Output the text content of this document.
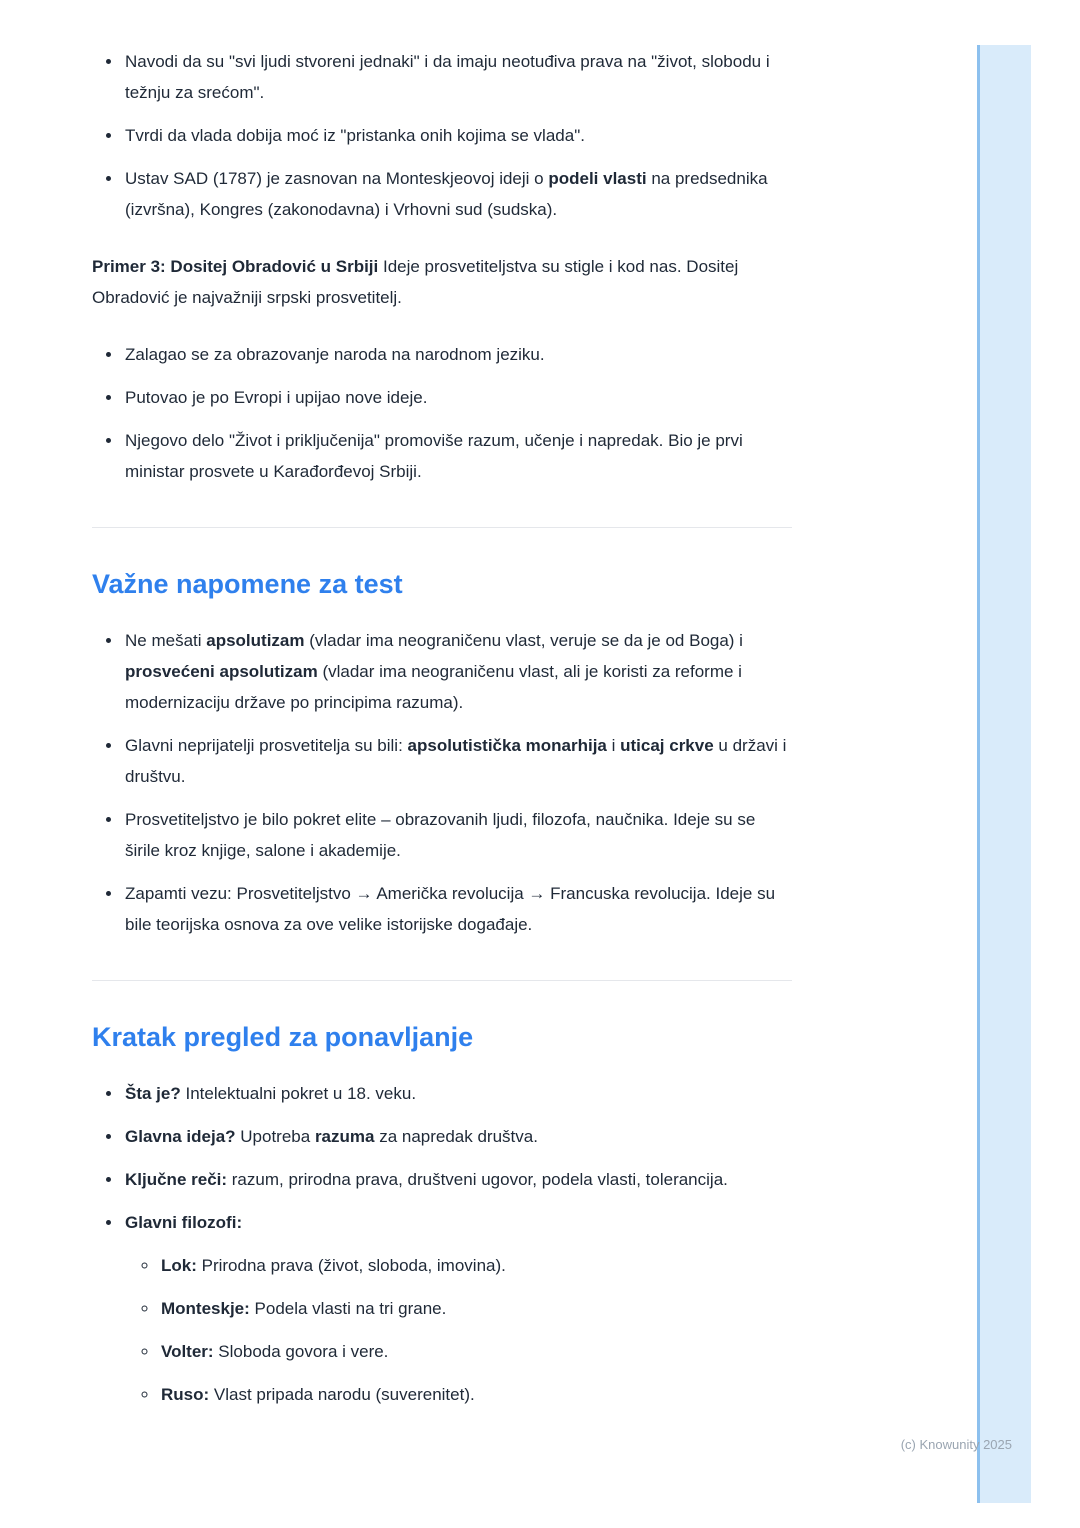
• Navodi da su "svi ljudi stvoreni jednaki" i da imaju neotuđiva prava na "život, slobodu i težnju za srećom".
• Tvrdi da vlada dobija moć iz "pristanka onih kojima se vlada".
• Ustav SAD (1787) je zasnovan na Monteskjeovoj ideji o podeli vlasti na predsednika (izvršna), Kongres (zakonodavna) i Vrhovni sud (sudska).

Primer 3: Dositej Obradović u Srbiji Ideje prosvetiteljstva su stigle i kod nas. Dositej Obradović je najvažniji srpski prosvetitelj.

• Zalagao se za obrazovanje naroda na narodnom jeziku.
• Putovao je po Evropi i upijao nove ideje.
• Njegovo delo "Život i priključenija" promoviše razum, učenje i napredak. Bio je prvi ministar prosvete u Karađorđevoj Srbiji.
Važne napomene za test
• Ne mešati apsolutizam (vladar ima neograničenu vlast, veruje se da je od Boga) i prosvećeni apsolutizam (vladar ima neograničenu vlast, ali je koristi za reforme i modernizaciju države po principima razuma).
• Glavni neprijatelji prosvetitelja su bili: apsolutistička monarhija i uticaj crkve u državi i društvu.
• Prosvetiteljstvo je bilo pokret elite – obrazovanih ljudi, filozofa, naučnika. Ideje su se širile kroz knjige, salone i akademije.
• Zapamti vezu: Prosvetiteljstvo → Američka revolucija → Francuska revolucija. Ideje su bile teorijska osnova za ove velike istorijske događaje.
Kratak pregled za ponavljanje
• Šta je? Intelektualni pokret u 18. veku.
• Glavna ideja? Upotreba razuma za napredak društva.
• Ključne reči: razum, prirodna prava, društveni ugovor, podela vlasti, tolerancija.
• Glavni filozofi:
◦ Lok: Prirodna prava (život, sloboda, imovina).
◦ Monteskje: Podela vlasti na tri grane.
◦ Volter: Sloboda govora i vere.
◦ Ruso: Vlast pripada narodu (suverenitet).
(c) Knowunity 2025
